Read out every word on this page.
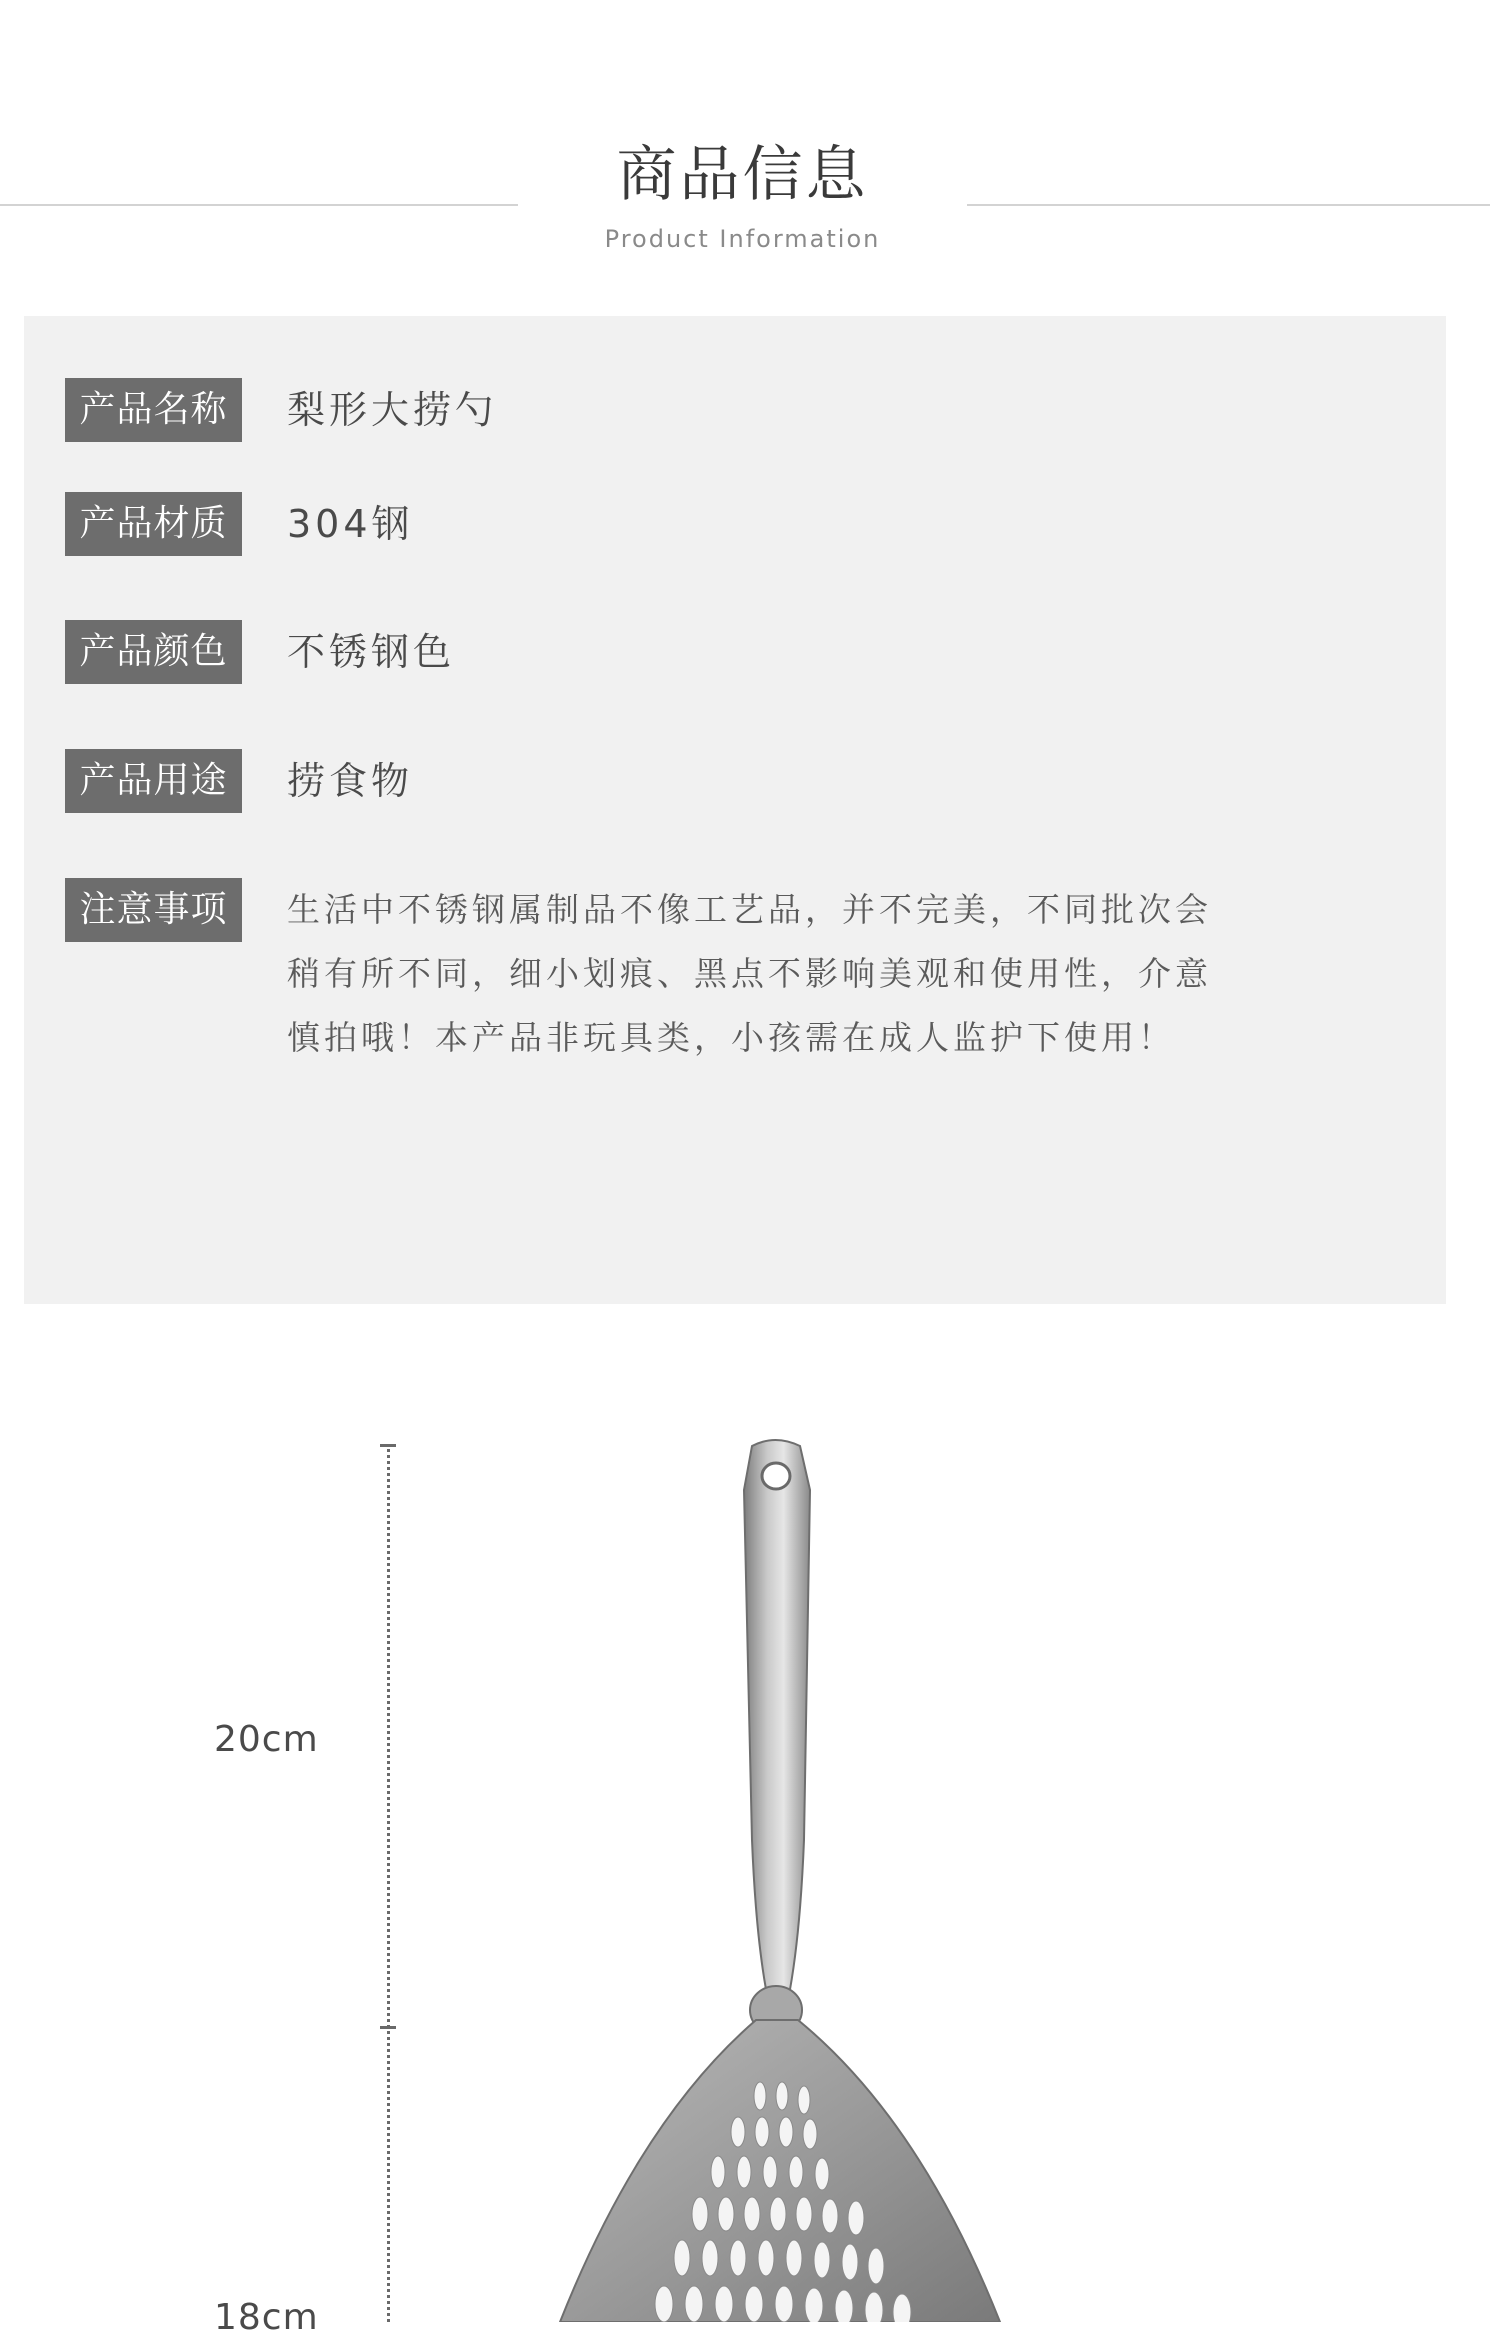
商品信息
Product Information
产品名称	梨形大捞勺
产品材质	304钢
产品颜色	不锈钢色
产品用途	捞食物
注意事项	生活中不锈钢属制品不像工艺品，并不完美，不同批次会
稍有所不同，细小划痕、黑点不影响美观和使用性，介意
慎拍哦！本产品非玩具类，小孩需在成人监护下使用！
20cm
18cm
